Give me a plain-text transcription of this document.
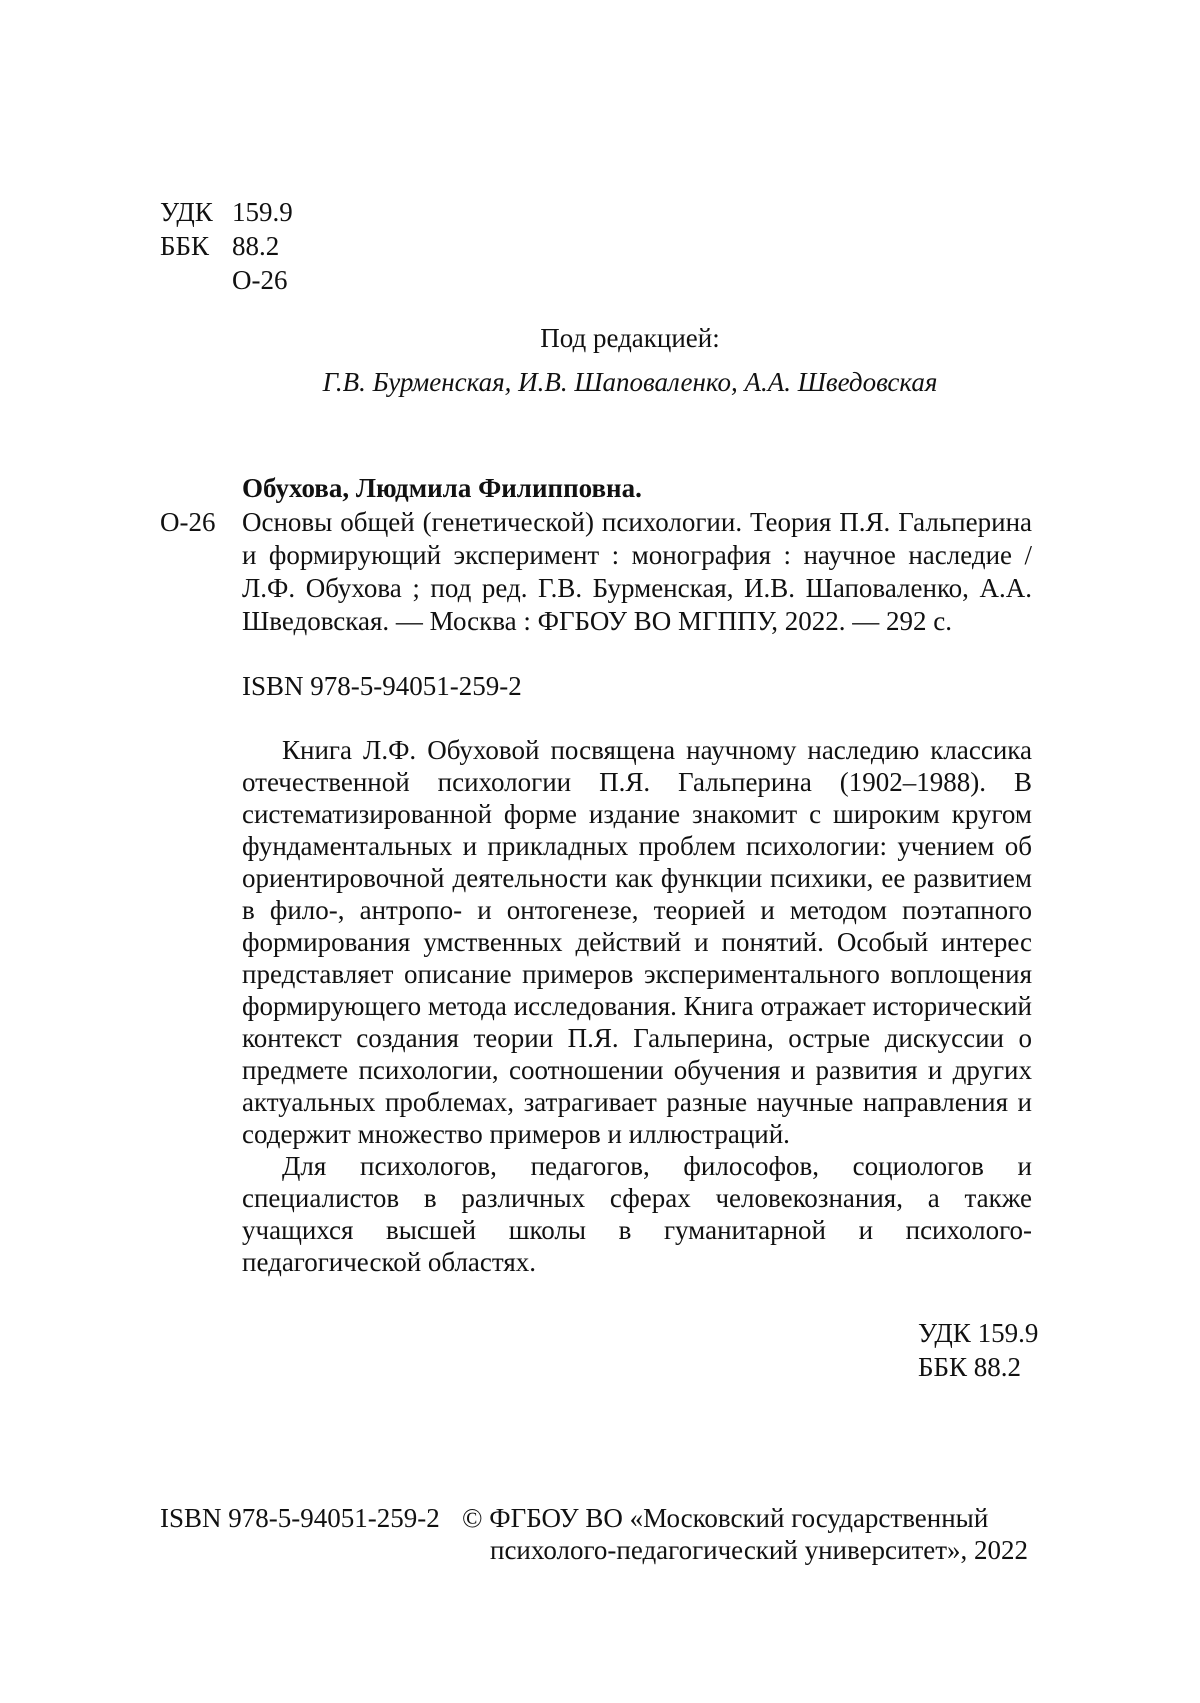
УДК 159.9
ББК 88.2
О-26
Под редакцией:
Г.В. Бурменская, И.В. Шаповаленко, А.А. Шведовская
Обухова, Людмила Филипповна.
О-26 Основы общей (генетической) психологии. Теория П.Я. Гальперина и формирующий эксперимент : монография : научное наследие / Л.Ф. Обухова ; под ред. Г.В. Бурменская, И.В. Шаповаленко, А.А. Шведовская. — Москва : ФГБОУ ВО МГППУ, 2022. — 292 с.
ISBN 978-5-94051-259-2

Книга Л.Ф. Обуховой посвящена научному наследию классика отечественной психологии П.Я. Гальперина (1902–1988). В систематизированной форме издание знакомит с широким кругом фундаментальных и прикладных проблем психологии: учением об ориентировочной деятельности как функции психики, ее развитием в фило-, антропо- и онтогенезе, теорией и методом поэтапного формирования умственных действий и понятий. Особый интерес представляет описание примеров экспериментального воплощения формирующего метода исследования. Книга отражает исторический контекст создания теории П.Я. Гальперина, острые дискуссии о предмете психологии, соотношении обучения и развития и других актуальных проблемах, затрагивает разные научные направления и содержит множество примеров и иллюстраций.

Для психологов, педагогов, философов, социологов и специалистов в различных сферах человекознания, а также учащихся высшей школы в гуманитарной и психолого-педагогической областях.

УДК 159.9
ББК 88.2
ISBN 978-5-94051-259-2 © ФГБОУ ВО «Московский государственный
психолого-педагогический университет», 2022
